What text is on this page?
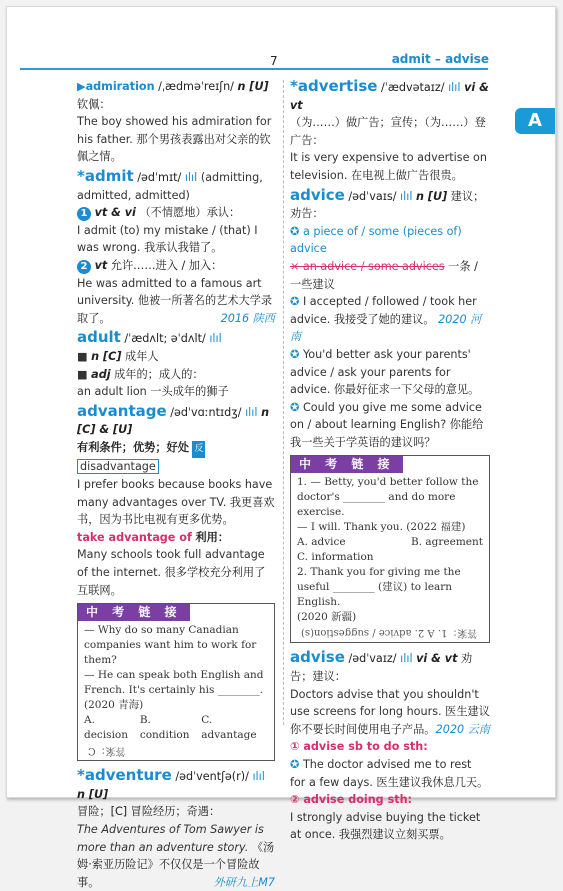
7	admit – advise
A
▶admiration /ˌædməˈreɪʃn/ n [U]
钦佩：
The boy showed his admiration for his father. 那个男孩表露出对父亲的钦佩之情。
*admit /ədˈmɪt/ ılıl (admitting, admitted, admitted)
1 vt & vi （不情愿地）承认：
I admit (to) my mistake / (that) I was wrong. 我承认我错了。
2 vt 允许……进入 / 加入：
He was admitted to a famous art university. 他被一所著名的艺术大学录取了。	2016 陕西
adult /ˈædʌlt; əˈdʌlt/ ılıl
■ n [C] 成年人
■ adj 成年的；成人的：
an adult lion 一头成年的狮子
advantage /ədˈvɑːntɪdʒ/ ılıl n [C] & [U]
有利条件；优势；好处 反disadvantage
I prefer books because books have many advantages over TV. 我更喜欢书，因为书比电视有更多优势。
take advantage of 利用：
Many schools took full advantage of the internet. 很多学校充分利用了互联网。
中 考 链 接
— Why do so many Canadian companies want him to work for them?
— He can speak both English and French. It's certainly his ________. (2020 青海)
A. decision
B. condition
C. advantage
答案：C
*adventure /ədˈventʃə(r)/ ılıl n [U]
冒险；[C] 冒险经历；奇遇：
The Adventures of Tom Sawyer is more than an adventure story. 《汤姆·索亚历险记》不仅仅是一个冒险故事。	外研九上M7
*advertise /ˈædvətaɪz/ ılıl vi & vt
（为……）做广告；宣传；（为……）登广告：
It is very expensive to advertise on television. 在电视上做广告很贵。
advice /ədˈvaɪs/ ılıl n [U] 建议；劝告：
✪ a piece of / some (pieces of) advice
× an advice / some advices 一条 / 一些建议
✪ I accepted / followed / took her advice. 我接受了她的建议。 2020 河南
✪ You'd better ask your parents' advice / ask your parents for advice. 你最好征求一下父母的意见。
✪ Could you give me some advice on / about learning English? 你能给我一些关于学英语的建议吗？
中 考 链 接
1. — Betty, you'd better follow the doctor's ________ and do more exercise.
— I will. Thank you. (2022 福建)
A. advice	B. agreement
C. information
2. Thank you for giving me the useful ________ (建议) to learn English.
(2020 新疆)
答案：1. A 2. advice / suggestion(s)
advise /ədˈvaɪz/ ılıl vi & vt 劝告；建议：
Doctors advise that you shouldn't use screens for long hours. 医生建议你不要长时间使用电子产品。 2020 云南

① advise sb to do sth:
✪ The doctor advised me to rest for a few days. 医生建议我休息几天。
② advise doing sth:
I strongly advise buying the ticket at once. 我强烈建议立刻买票。
